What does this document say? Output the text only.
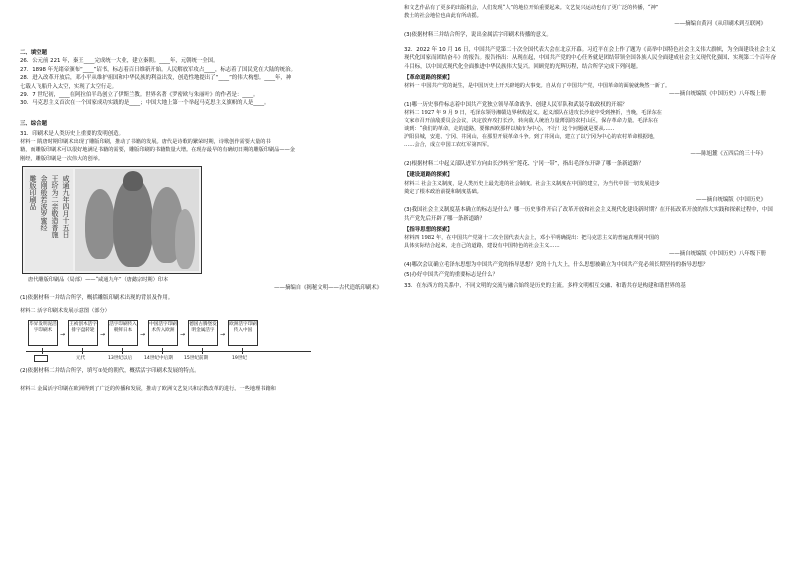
二、填空题
26．公元前 221 年，秦王____完成统一大业，建立秦朝。____年，元朝统一全国。
27．1898 年光绪帝颁布“____”诏书，标志着百日维新开始。人民解放军攻占____，标志着了国民党在大陆的统治。
28．进入改革开放后，邓小平从维护祖国和中华民族的利益出发，创造性地提出了“____”的伟大构想。____年，神
七载人飞船升入太空，实现了太空行走。
29．7 世纪初，____在阿拉伯半岛创立了伊斯兰教。世界名著《罗密欧与朱丽叶》的作者是：____。
30．马克思主义首次在一个国家成功实践的是____；中国大地上第一个举起马克思主义旗帜的人是____。
三、综合题
31．印刷术是人类历史上重要的发明创造。
材料一 隋唐时期印刷术出现了雕版印刷，推动了书籍的发展。唐代是诗歌的繁荣时期，诗歌创作需要大量的书
籍，而雕版印刷术可以很好地满足书籍的需要，雕版印刷的书籍数量大增。在现存最早的有确切日期的雕版印刷品——金
刚经，雕版印刷是一次伟大的创举。
咸通九年四月十五日
王玠为二亲敬造普施
金刚般若波罗蜜经
雕版印刷品
唐代雕版印刷品（局部）——“咸通九年”（唐懿宗时期）印本
——摘编自《揭秘文明——古代造纸印刷术》
(1)依据材料一并结合所学，概括雕版印刷术出现的背景及作用。
材料二 活字印刷术发展示意图（部分）
毕昇发明泥活字印刷术
→
王祯创木活字排字盘转轮
→
活字印刷传入朝鲜日本
→
中国活字印刷术传入欧洲
→
德国古腾堡发明金属活字
→
欧洲活字印刷传入中国
元代	13世纪以后	14世纪中后期 15世纪前期	19世纪
(2)依据材料二并结合所学，填写①处的朝代，概括活字印刷术发展的特点。
材料三 金属活字印刷在欧洲得到了广泛的传播和发展，推动了欧洲文艺复兴和宗教改革的进行。一些地理书籍和
和文艺作品有了更多的出版机会，人们发现“人”的地位开始重要起来。文艺复兴运动也有了更广泛的传播，“神”
教士的社会地位也由此有所动摇。
——摘编自黄河《从印刷术到互联网》
(3)依据材料三并结合所学，说出金属活字印刷术传播的意义。
32．2022 年 10 月 16 日，中国共产党第二十次全国代表大会在北京开幕。习近平在会上作了题为《高举中国特色社会主义伟大旗帜，为全面建设社会主义现代化国家而团结奋斗》的报告。报告指出：从现在起，中国共产党的中心任务就是团结带领全国各族人民全面建成社会主义现代化强国、实现第二个百年奋斗目标，以中国式现代化全面推进中华民族伟大复兴。回顾党的光辉历程，结合所学完成下列问题。
【革命道路的探索】
材料一 中国共产党的诞生，是中国历史上开天辟地的大事变。自从有了中国共产党，中国革命的面貌就焕然一新了。
——摘自统编版《中国历史》八年级上册
(1)哪一历史事件标志着中国共产党独立领导革命战争、创建人民军队和武装夺取政权的开端？
材料二 1927 年 9 月 9 日，毛泽东领导湘赣边界秋收起义。起义部队在进攻长沙途中受到挫折，当晚，毛泽东在
文家市召开前敌委员会会议，决定放弃攻打长沙，转向敌人统治力量薄弱的农村山区，保存革命力量。毛泽东在
谈到：“我们的革命，走的道路，要像西欧那样以城市为中心，不行！这个问题就是要从……
沪阳县城，安进、宁冈、井冈山，在那里开展革命斗争。到了井冈山，建立了以宁冈为中心的农村革命根据地，
……会合，成立中国工农红军第四军。
——陈旭麓《五四后的三十年》
(2)根据材料二中起义部队进军方向由长沙转至“莲花、宁冈一带”，指出毛泽东开辟了哪一条新道路？
【建设道路的探索】
材料三 社会主义制度，是人类历史上最先进的社会制度。社会主义制度在中国的建立，为当代中国一切发展进步
奠定了根本政治前提和制度基础。
——摘自统编版《中国历史》
(3)我国社会主义制度基本确立的标志是什么？哪一历史事件开启了改革开放和社会主义现代化建设新时期？在开拓改革开放的伟大实践和探索过程中，中国共产党先后开辟了哪一条新道路？
【指导思想的探索】
材料四 1982 年，在中国共产党第十二次全国代表大会上，邓小平明确提出：把马克思主义的普遍真理同中国的
具体实际结合起来，走自己的道路，建设有中国特色的社会主义……
——摘自统编版《中国历史》八年级下册
(4)哪次会议确立毛泽东思想为中国共产党的指导思想？党的十九大上，什么思想被确立为中国共产党必须长期坚持的指导思想？
(5)办好中国共产党的重要标志是什么？
33．在东西方的关系中，不同文明的交流与融合始终是历史的主流。多样文明相互交融、和谐共存是构建和谐世界的基
